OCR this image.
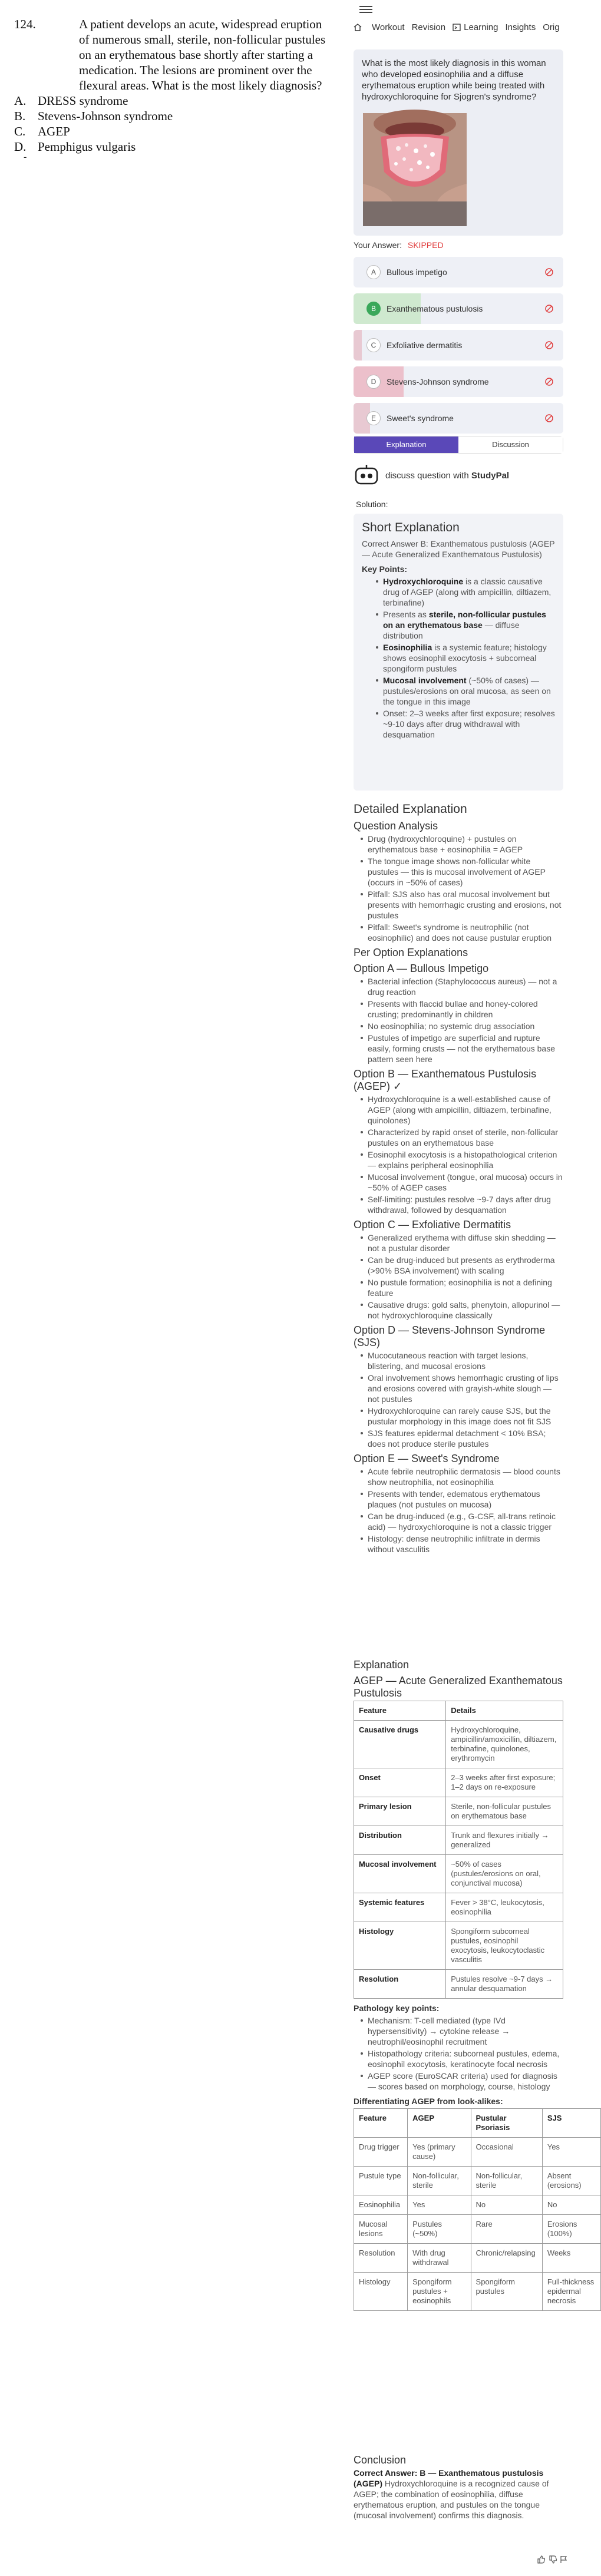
124.	A patient develops an acute, widespread eruption of numerous small, sterile, non-follicular pustules on an erythematous base shortly after starting a medication. The lesions are prominent over the flexural areas. What is the most likely diagnosis?
A. DRESS syndrome
B. Stevens-Johnson syndrome
C. AGEP
D. Pemphigus vulgaris
-
Workout Revision Learning Insights Orig
What is the most likely diagnosis in this woman who developed eosinophilia and a diffuse erythematous eruption while being treated with hydroxychloroquine for Sjogren's syndrome?
Your Answer: SKIPPED
A	Bullous impetigo
B	Exanthematous pustulosis
C	Exfoliative dermatitis
D	Stevens-Johnson syndrome
E	Sweet's syndrome
Explanation	Discussion
discuss question with StudyPal
Solution:
Short Explanation
Correct Answer B: Exanthematous pustulosis (AGEP — Acute Generalized Exanthematous Pustulosis)
Key Points:
Hydroxychloroquine is a classic causative drug of AGEP (along with ampicillin, diltiazem, terbinafine)
Presents as sterile, non-follicular pustules on an erythematous base — diffuse distribution
Eosinophilia is a systemic feature; histology shows eosinophil exocytosis + subcorneal spongiform pustules
Mucosal involvement (~50% of cases) — pustules/erosions on oral mucosa, as seen on the tongue in this image
Onset: 2–3 weeks after first exposure; resolves ~9-10 days after drug withdrawal with desquamation
Detailed Explanation
Question Analysis
Drug (hydroxychloroquine) + pustules on erythematous base + eosinophilia = AGEP
The tongue image shows non-follicular white pustules — this is mucosal involvement of AGEP (occurs in ~50% of cases)
Pitfall: SJS also has oral mucosal involvement but presents with hemorrhagic crusting and erosions, not pustules
Pitfall: Sweet's syndrome is neutrophilic (not eosinophilic) and does not cause pustular eruption
Per Option Explanations
Option A — Bullous Impetigo
Bacterial infection (Staphylococcus aureus) — not a drug reaction
Presents with flaccid bullae and honey-colored crusting; predominantly in children
No eosinophilia; no systemic drug association
Pustules of impetigo are superficial and rupture easily, forming crusts — not the erythematous base pattern seen here
Option B — Exanthematous Pustulosis (AGEP) ✓
Hydroxychloroquine is a well-established cause of AGEP (along with ampicillin, diltiazem, terbinafine, quinolones)
Characterized by rapid onset of sterile, non-follicular pustules on an erythematous base
Eosinophil exocytosis is a histopathological criterion — explains peripheral eosinophilia
Mucosal involvement (tongue, oral mucosa) occurs in ~50% of AGEP cases
Self-limiting: pustules resolve ~9-7 days after drug withdrawal, followed by desquamation
Option C — Exfoliative Dermatitis
Generalized erythema with diffuse skin shedding — not a pustular disorder
Can be drug-induced but presents as erythroderma (>90% BSA involvement) with scaling
No pustule formation; eosinophilia is not a defining feature
Causative drugs: gold salts, phenytoin, allopurinol — not hydroxychloroquine classically
Option D — Stevens-Johnson Syndrome (SJS)
Mucocutaneous reaction with target lesions, blistering, and mucosal erosions
Oral involvement shows hemorrhagic crusting of lips and erosions covered with grayish-white slough — not pustules
Hydroxychloroquine can rarely cause SJS, but the pustular morphology in this image does not fit SJS
SJS features epidermal detachment < 10% BSA; does not produce sterile pustules
Option E — Sweet's Syndrome
Acute febrile neutrophilic dermatosis — blood counts show neutrophilia, not eosinophilia
Presents with tender, edematous erythematous plaques (not pustules on mucosa)
Can be drug-induced (e.g., G-CSF, all-trans retinoic acid) — hydroxychloroquine is not a classic trigger
Histology: dense neutrophilic infiltrate in dermis without vasculitis
Explanation
AGEP — Acute Generalized Exanthematous Pustulosis
Feature	Details
Causative drugs	Hydroxychloroquine, ampicillin/amoxicillin, diltiazem, terbinafine, quinolones, erythromycin
Onset	2–3 weeks after first exposure; 1–2 days on re-exposure
Primary lesion	Sterile, non-follicular pustules on erythematous base
Distribution	Trunk and flexures initially → generalized
Mucosal involvement	~50% of cases (pustules/erosions on oral, conjunctival mucosa)
Systemic features	Fever > 38°C, leukocytosis, eosinophilia
Histology	Spongiform subcorneal pustules, eosinophil exocytosis, leukocytoclastic vasculitis
Resolution	Pustules resolve ~9-7 days → annular desquamation
Pathology key points:
Mechanism: T-cell mediated (type IVd hypersensitivity) → cytokine release → neutrophil/eosinophil recruitment
Histopathology criteria: subcorneal pustules, edema, eosinophil exocytosis, keratinocyte focal necrosis
AGEP score (EuroSCAR criteria) used for diagnosis — scores based on morphology, course, histology
Differentiating AGEP from look-alikes:
Feature	AGEP	Pustular Psoriasis	SJS
Drug trigger	Yes (primary cause)	Occasional	Yes
Pustule type	Non-follicular, sterile	Non-follicular, sterile	Absent (erosions)
Eosinophilia	Yes	No	No
Mucosal lesions	Pustules (~50%)	Rare	Erosions (100%)
Resolution	With drug withdrawal	Chronic/relapsing	Weeks
Histology	Spongiform pustules + eosinophils	Spongiform pustules	Full-thickness epidermal necrosis
Conclusion
Correct Answer: B — Exanthematous pustulosis (AGEP) Hydroxychloroquine is a recognized cause of AGEP; the combination of eosinophilia, diffuse erythematous eruption, and pustules on the tongue (mucosal involvement) confirms this diagnosis.
